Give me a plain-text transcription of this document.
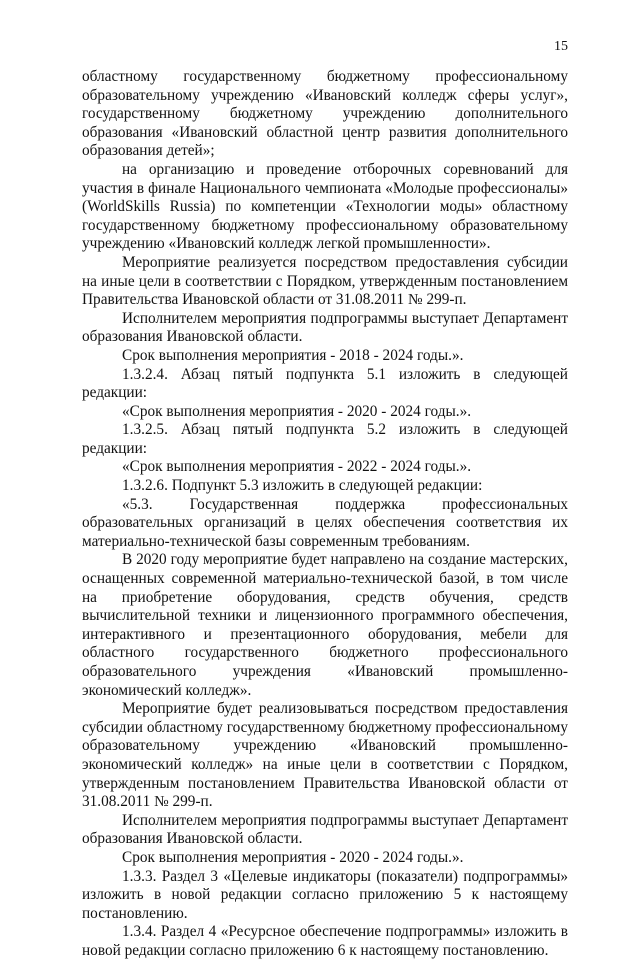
15

областному государственному бюджетному профессиональному образовательному учреждению «Ивановский колледж сферы услуг», государственному бюджетному учреждению дополнительного образования «Ивановский областной центр развития дополнительного образования детей»;

на организацию и проведение отборочных соревнований для участия в финале Национального чемпионата «Молодые профессионалы» (WorldSkills Russia) по компетенции «Технологии моды» областному государственному бюджетному профессиональному образовательному учреждению «Ивановский колледж легкой промышленности».

Мероприятие реализуется посредством предоставления субсидии на иные цели в соответствии с Порядком, утвержденным постановлением Правительства Ивановской области от 31.08.2011 № 299-п.

Исполнителем мероприятия подпрограммы выступает Департамент образования Ивановской области.

Срок выполнения мероприятия - 2018 - 2024 годы.».

1.3.2.4. Абзац пятый подпункта 5.1 изложить в следующей редакции:

«Срок выполнения мероприятия - 2020 - 2024 годы.».

1.3.2.5. Абзац пятый подпункта 5.2 изложить в следующей редакции:

«Срок выполнения мероприятия - 2022 - 2024 годы.».

1.3.2.6. Подпункт 5.3 изложить в следующей редакции:

«5.3. Государственная поддержка профессиональных образовательных организаций в целях обеспечения соответствия их материально-технической базы современным требованиям.

В 2020 году мероприятие будет направлено на создание мастерских, оснащенных современной материально-технической базой, в том числе на приобретение оборудования, средств обучения, средств вычислительной техники и лицензионного программного обеспечения, интерактивного и презентационного оборудования, мебели для областного государственного бюджетного профессионального образовательного учреждения «Ивановский промышленно-экономический колледж».

Мероприятие будет реализовываться посредством предоставления субсидии областному государственному бюджетному профессиональному образовательному учреждению «Ивановский промышленно-экономический колледж» на иные цели в соответствии с Порядком, утвержденным постановлением Правительства Ивановской области от 31.08.2011 № 299-п.

Исполнителем мероприятия подпрограммы выступает Департамент образования Ивановской области.

Срок выполнения мероприятия - 2020 - 2024 годы.».

1.3.3. Раздел 3 «Целевые индикаторы (показатели) подпрограммы» изложить в новой редакции согласно приложению 5 к настоящему постановлению.

1.3.4. Раздел 4 «Ресурсное обеспечение подпрограммы» изложить в новой редакции согласно приложению 6 к настоящему постановлению.
